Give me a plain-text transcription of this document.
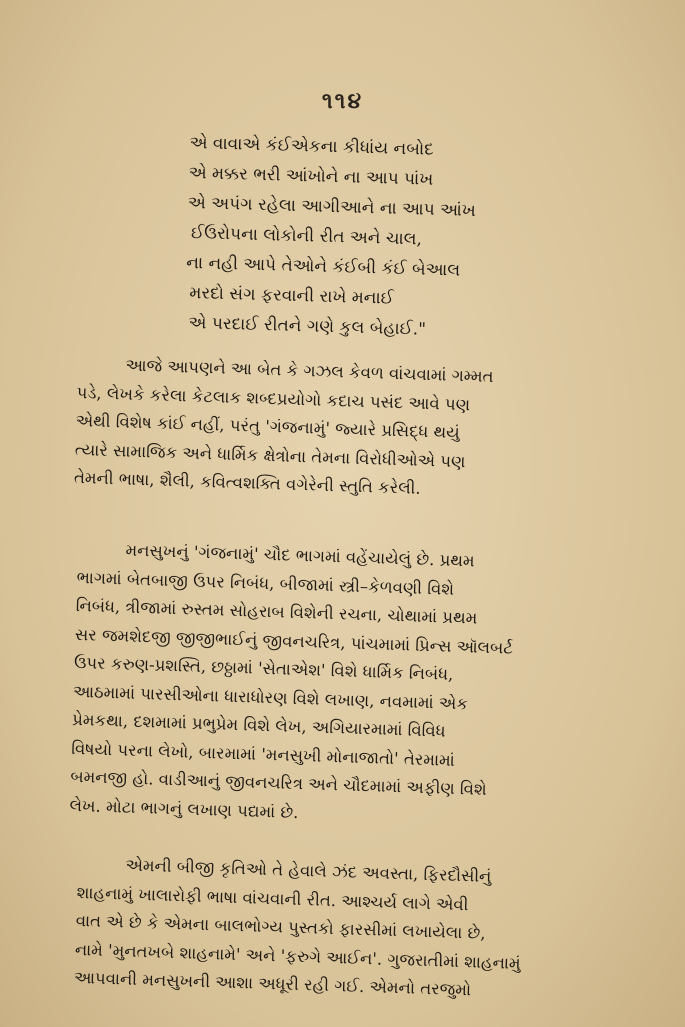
૧૧૪
એ વાવાએ કંઈએકના કીધાંય નબોદ
એ મક્કર ભરી આંખોને ના આપ પાંખ
એ અપંગ રહેલા આગીઆને ના આપ આંખ
ઈઉરોપના લોકોની રીત અને ચાલ,
ના નહી આપે તેઓને કંઈબી કંઈ બેઆલ
મરદો સંગ ફરવાની રાખે મનાઈ
એ પરદાઈ રીતને ગણે કુલ બેહાઈ."
આજે આપણને આ બેત કે ગઝલ કેવળ વાંચવામાં ગમ્મત
પડે, લેખકે કરેલા કેટલાક શબ્દપ્રયોગો કદાચ પસંદ આવે પણ
એથી વિશેષ કાંઈ નહીં, પરંતુ 'ગંજનામું' જ્યારે પ્રસિદ્ધ થયું
ત્યારે સામાજિક અને ધાર્મિક ક્ષેત્રોના તેમના વિરોધીઓએ પણ
તેમની ભાષા, શૈલી, કવિત્વશક્તિ વગેરેની સ્તુતિ કરેલી.
મનસુખનું 'ગંજનામું' ચૌદ ભાગમાં વહેંચાયેલું છે. પ્રથમ
ભાગમાં બેતબાજી ઉપર નિબંધ, બીજામાં સ્ત્રી–કેળવણી વિશે
નિબંધ, ત્રીજામાં રુસ્તમ સોહરાબ વિશેની રચના, ચોથામાં પ્રથમ
સર જમશેદજી જીજીભાઈનું જીવનચરિત્ર, પાંચમામાં પ્રિન્સ ઑલબર્ટ
ઉપર કરુણ-પ્રશસ્તિ, છઠ્ઠામાં 'સેતાએશ' વિશે ધાર્મિક નિબંધ,
આઠમામાં પારસીઓના ધારાધોરણ વિશે લખાણ, નવમામાં એક
પ્રેમકથા, દશમામાં પ્રભુપ્રેમ વિશે લેખ, અગિયારમામાં વિવિધ
વિષયો પરના લેખો, બારમામાં 'મનસુખી મોનાજાતો' તેરમામાં
બમનજી હો. વાડીઆનું જીવનચરિત્ર અને ચૌદમામાં અફીણ વિશે
લેખ. મોટા ભાગનું લખાણ પદ્યમાં છે.
એમની બીજી કૃતિઓ તે હેવાલે ઝંદ અવસ્તા, ફિરદૌસીનું
શાહનામું ખાલારોફી ભાષા વાંચવાની રીત. આશ્ચર્ય લાગે એવી
વાત એ છે કે એમના બાલભોગ્ય પુસ્તકો ફારસીમાં લખાયેલા છે,
નામે 'મુનતખબે શાહનામે' અને 'ફરુગે આઈન'. ગુજરાતીમાં શાહનામું
આપવાની મનસુખની આશા અધૂરી રહી ગઈ. એમનો તરજુમો
